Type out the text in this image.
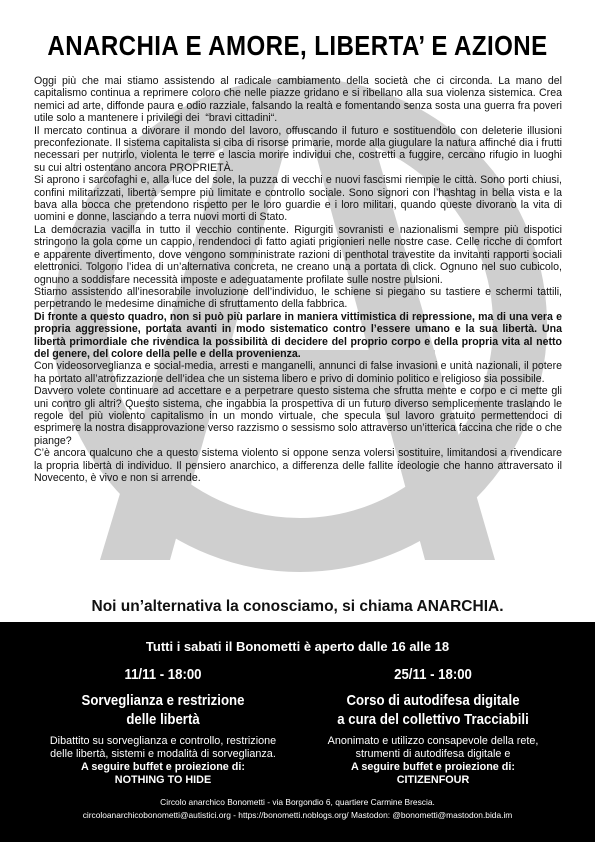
ANARCHIA E AMORE, LIBERTA’ E AZIONE

Oggi più che mai stiamo assistendo al radicale cambiamento della società che ci circonda. La mano del capitalismo continua a reprimere coloro che nelle piazze gridano e si ribellano alla sua violenza sistemica. Crea nemici ad arte, diffonde paura e odio razziale, falsando la realtà e fomentando senza sosta una guerra fra poveri utile solo a mantenere i privilegi dei  “bravi cittadini“.

Il mercato continua a divorare il mondo del lavoro, offuscando il futuro e sostituendolo con deleterie illusioni preconfezionate. Il sistema capitalista si ciba di risorse primarie, morde alla giugulare la natura affinché dia i frutti necessari per nutrirlo, violenta le terre e lascia morire individui che, costretti a fuggire, cercano rifugio in luoghi su cui altri ostentano ancora PROPRIETÀ.

Si aprono i sarcofaghi e, alla luce del sole, la puzza di vecchi e nuovi fascismi riempie le città. Sono porti chiusi, confini militarizzati, libertà sempre più limitate e controllo sociale. Sono signori con l’hashtag in bella vista e la bava alla bocca che pretendono rispetto per le loro guardie e i loro militari, quando queste divorano la vita di uomini e donne, lasciando a terra nuovi morti di Stato.

La democrazia vacilla in tutto il vecchio continente. Rigurgiti sovranisti e nazionalismi sempre più dispotici stringono la gola come un cappio, rendendoci di fatto agiati prigionieri nelle nostre case. Celle ricche di comfort e apparente divertimento, dove vengono somministrate razioni di penthotal travestite da invitanti rapporti sociali elettronici. Tolgono l’idea di un’alternativa concreta, ne creano una a portata di click. Ognuno nel suo cubicolo, ognuno a soddisfare necessità imposte e adeguatamente profilate sulle nostre pulsioni.

Stiamo assistendo all’inesorabile involuzione dell’individuo, le schiene si piegano su tastiere e schermi tattili, perpetrando le medesime dinamiche di sfruttamento della fabbrica.

Di fronte a questo quadro, non si può più parlare in maniera vittimistica di repressione, ma di una vera e propria aggressione, portata avanti in modo sistematico contro l’essere umano e la sua libertà. Una libertà primordiale che rivendica la possibilità di decidere del proprio corpo e della propria vita al netto del genere, del colore della pelle e della provenienza.

Con videosorveglianza e social-media, arresti e manganelli, annunci di false invasioni e unità nazionali, il potere ha portato all’atrofizzazione dell’idea che un sistema libero e privo di dominio politico e religioso sia possibile.

Davvero volete continuare ad accettare e a perpetrare questo sistema che sfrutta mente e corpo e ci mette gli uni contro gli altri? Questo sistema, che ingabbia la prospettiva di un futuro diverso semplicemente traslando le regole del più violento capitalismo in un mondo virtuale, che specula sul lavoro gratuito permettendoci di esprimere la nostra disapprovazione verso razzismo o sessismo solo attraverso un’itterica faccina che ride o che piange?

C’è ancora qualcuno che a questo sistema violento si oppone senza volersi sostituire, limitandosi a rivendicare la propria libertà di individuo. Il pensiero anarchico, a differenza delle fallite ideologie che hanno attraversato il Novecento, è vivo e non si arrende.

Noi un’alternativa la conosciamo, si chiama ANARCHIA.

Tutti i sabati il Bonometti è aperto dalle 16 alle 18
11/11 - 18:00
Sorveglianza e restrizione
delle libertà
Dibattito su sorveglianza e controllo, restrizione
delle libertà, sistemi e modalità di sorveglianza.
A seguire buffet e proiezione di:
NOTHING TO HIDE
25/11 - 18:00
Corso di autodifesa digitale
a cura del collettivo Tracciabili
Anonimato e utilizzo consapevole della rete,
strumenti di autodifesa digitale e
A seguire buffet e proiezione di:
CITIZENFOUR
Circolo anarchico Bonometti - via Borgondio 6, quartiere Carmine Brescia.
circoloanarchicobonometti@autistici.org - https://bonometti.noblogs.org/ Mastodon: @bonometti@mastodon.bida.im
